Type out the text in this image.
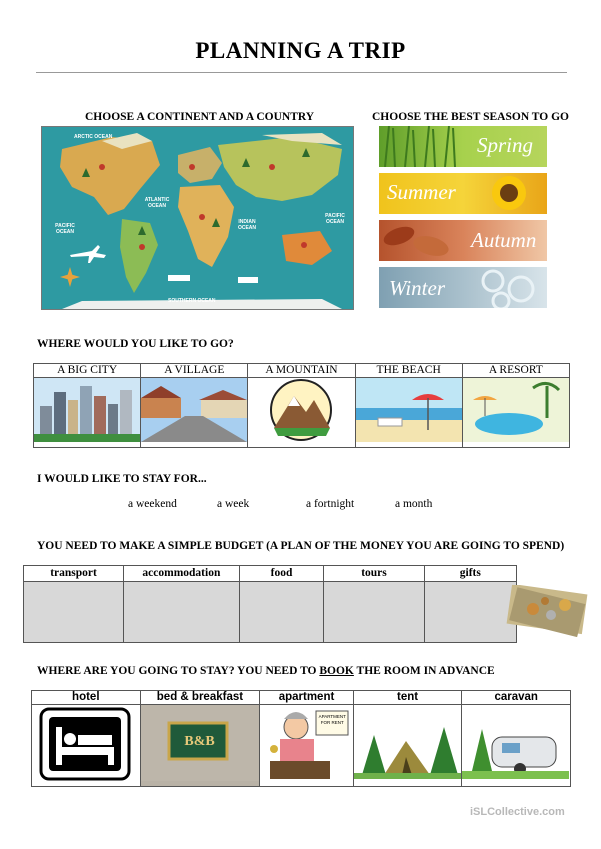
PLANNING A TRIP
CHOOSE A CONTINENT AND A COUNTRY	CHOOSE THE BEST SEASON TO GO
ARCTIC OCEAN
PACIFIC OCEAN
ATLANTIC OCEAN
INDIAN OCEAN
PACIFIC OCEAN
SOUTHERN OCEAN
Spring
Summer
Autumn
Winter
WHERE WOULD YOU LIKE TO GO?
A BIG CITY	A VILLAGE	A MOUNTAIN	THE BEACH	A RESORT

I WOULD LIKE TO STAY FOR...
a weekend	a week	a fortnight	a month
YOU NEED TO MAKE A SIMPLE BUDGET (A PLAN OF THE MONEY YOU ARE GOING TO SPEND)
transport	accommodation	food	tours	gifts

WHERE ARE YOU GOING TO STAY? YOU NEED TO BOOK THE ROOM IN ADVANCE
hotel	bed & breakfast	apartment	tent	caravan

B&B	APARTMENT FOR RENT

iSLCollective.com
